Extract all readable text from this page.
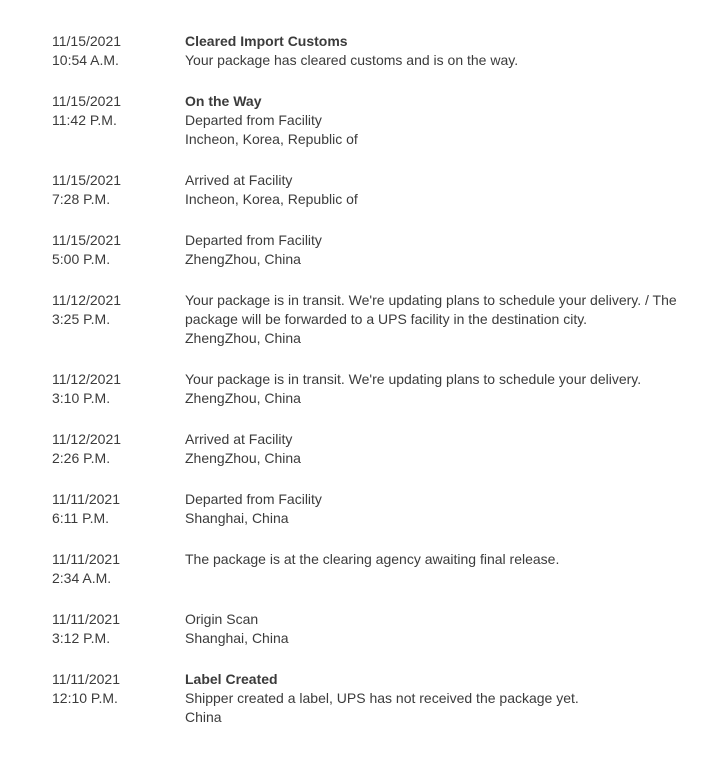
11/15/2021
10:54 A.M.
Cleared Import Customs
Your package has cleared customs and is on the way.
11/15/2021
11:42 P.M.
On the Way
Departed from Facility
Incheon, Korea, Republic of
11/15/2021
7:28 P.M.
Arrived at Facility
Incheon, Korea, Republic of
11/15/2021
5:00 P.M.
Departed from Facility
ZhengZhou, China
11/12/2021
3:25 P.M.
Your package is in transit. We're updating plans to schedule your delivery. / The package will be forwarded to a UPS facility in the destination city.
ZhengZhou, China
11/12/2021
3:10 P.M.
Your package is in transit. We're updating plans to schedule your delivery.
ZhengZhou, China
11/12/2021
2:26 P.M.
Arrived at Facility
ZhengZhou, China
11/11/2021
6:11 P.M.
Departed from Facility
Shanghai, China
11/11/2021
2:34 A.M.
The package is at the clearing agency awaiting final release.
11/11/2021
3:12 P.M.
Origin Scan
Shanghai, China
11/11/2021
12:10 P.M.
Label Created
Shipper created a label, UPS has not received the package yet.
China
